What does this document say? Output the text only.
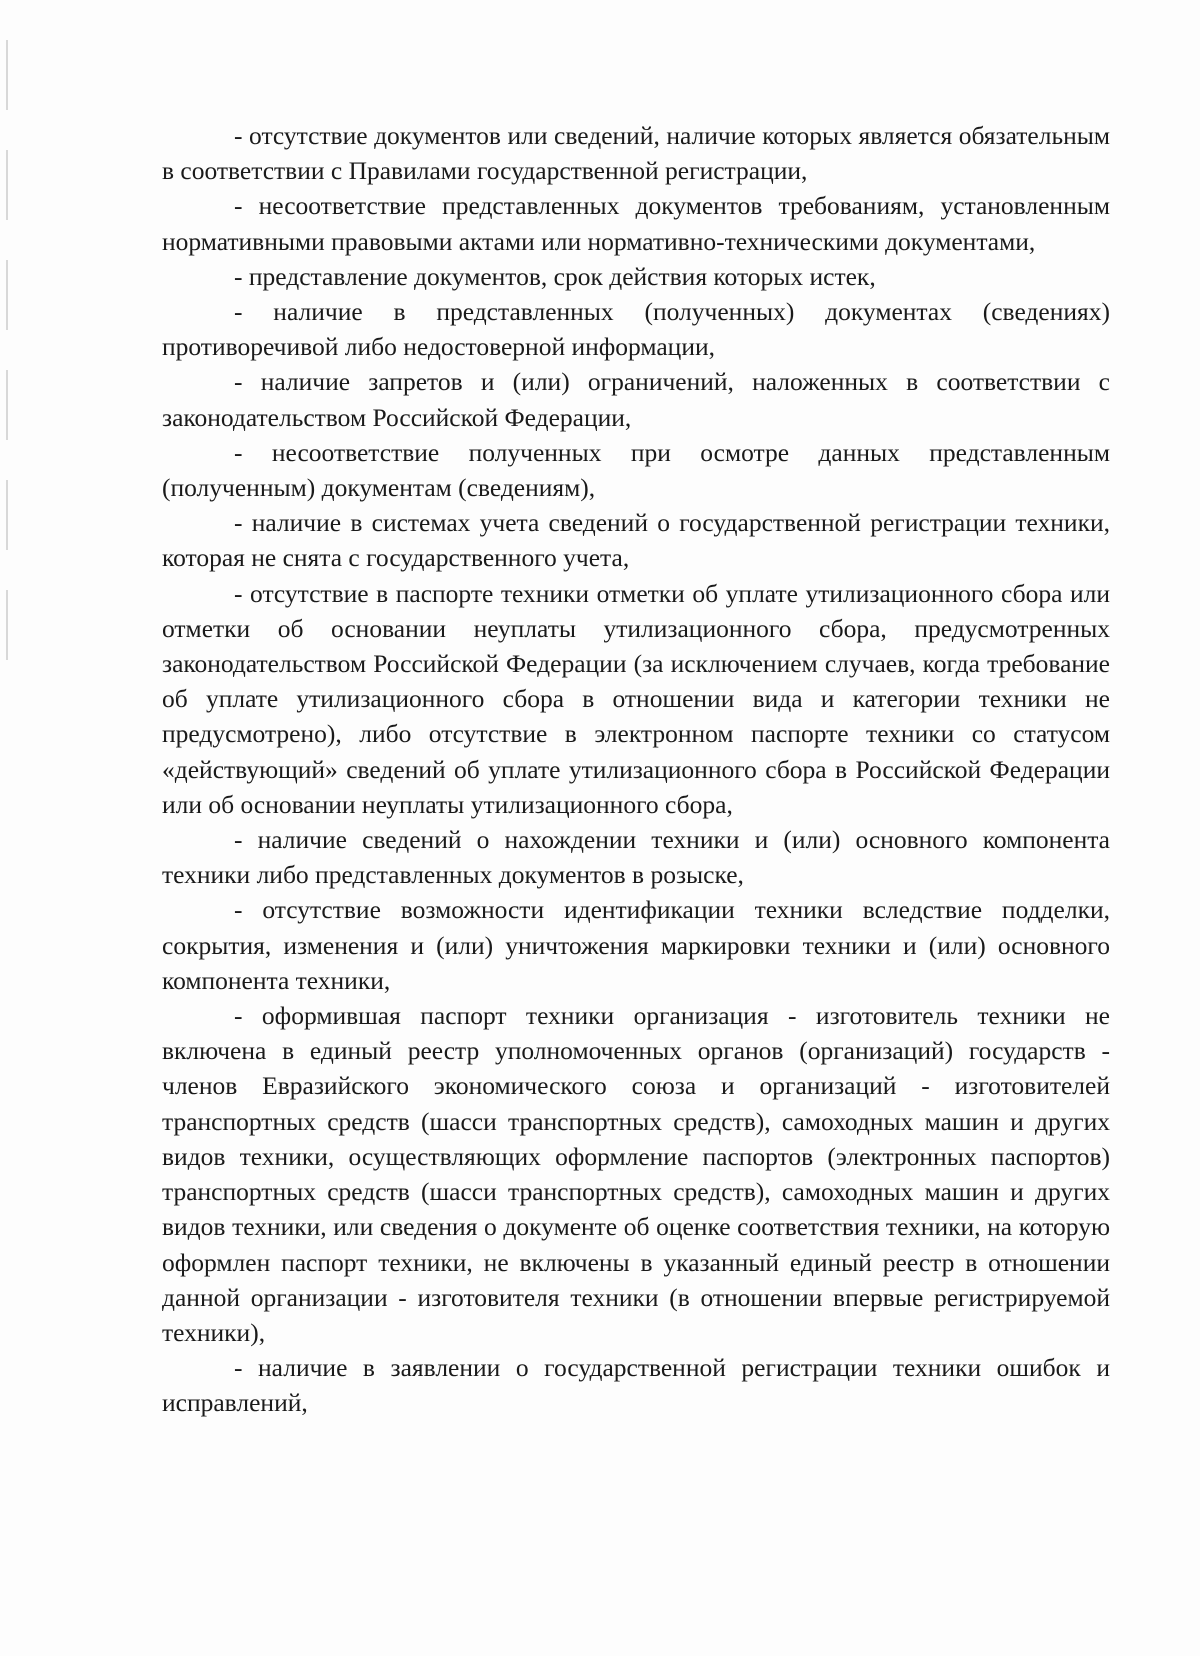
- отсутствие документов или сведений, наличие которых является обязательным в соответствии с Правилами государственной регистрации,

- несоответствие представленных документов требованиям, установленным нормативными правовыми актами или нормативно-техническими документами,

- представление документов, срок действия которых истек,

- наличие в представленных (полученных) документах (сведениях) противоречивой либо недостоверной информации,

- наличие запретов и (или) ограничений, наложенных в соответствии с законодательством Российской Федерации,

- несоответствие полученных при осмотре данных представленным (полученным) документам (сведениям),

- наличие в системах учета сведений о государственной регистрации техники, которая не снята с государственного учета,

- отсутствие в паспорте техники отметки об уплате утилизационного сбора или отметки об основании неуплаты утилизационного сбора, предусмотренных законодательством Российской Федерации (за исключением случаев, когда требование об уплате утилизационного сбора в отношении вида и категории техники не предусмотрено), либо отсутствие в электронном паспорте техники со статусом «действующий» сведений об уплате утилизационного сбора в Российской Федерации или об основании неуплаты утилизационного сбора,

- наличие сведений о нахождении техники и (или) основного компонента техники либо представленных документов в розыске,

- отсутствие возможности идентификации техники вследствие подделки, сокрытия, изменения и (или) уничтожения маркировки техники и (или) основного компонента техники,

- оформившая паспорт техники организация - изготовитель техники не включена в единый реестр уполномоченных органов (организаций) государств - членов Евразийского экономического союза и организаций - изготовителей транспортных средств (шасси транспортных средств), самоходных машин и других видов техники, осуществляющих оформление паспортов (электронных паспортов) транспортных средств (шасси транспортных средств), самоходных машин и других видов техники, или сведения о документе об оценке соответствия техники, на которую оформлен паспорт техники, не включены в указанный единый реестр в отношении данной организации - изготовителя техники (в отношении впервые регистрируемой техники),

- наличие в заявлении о государственной регистрации техники ошибок и исправлений,
